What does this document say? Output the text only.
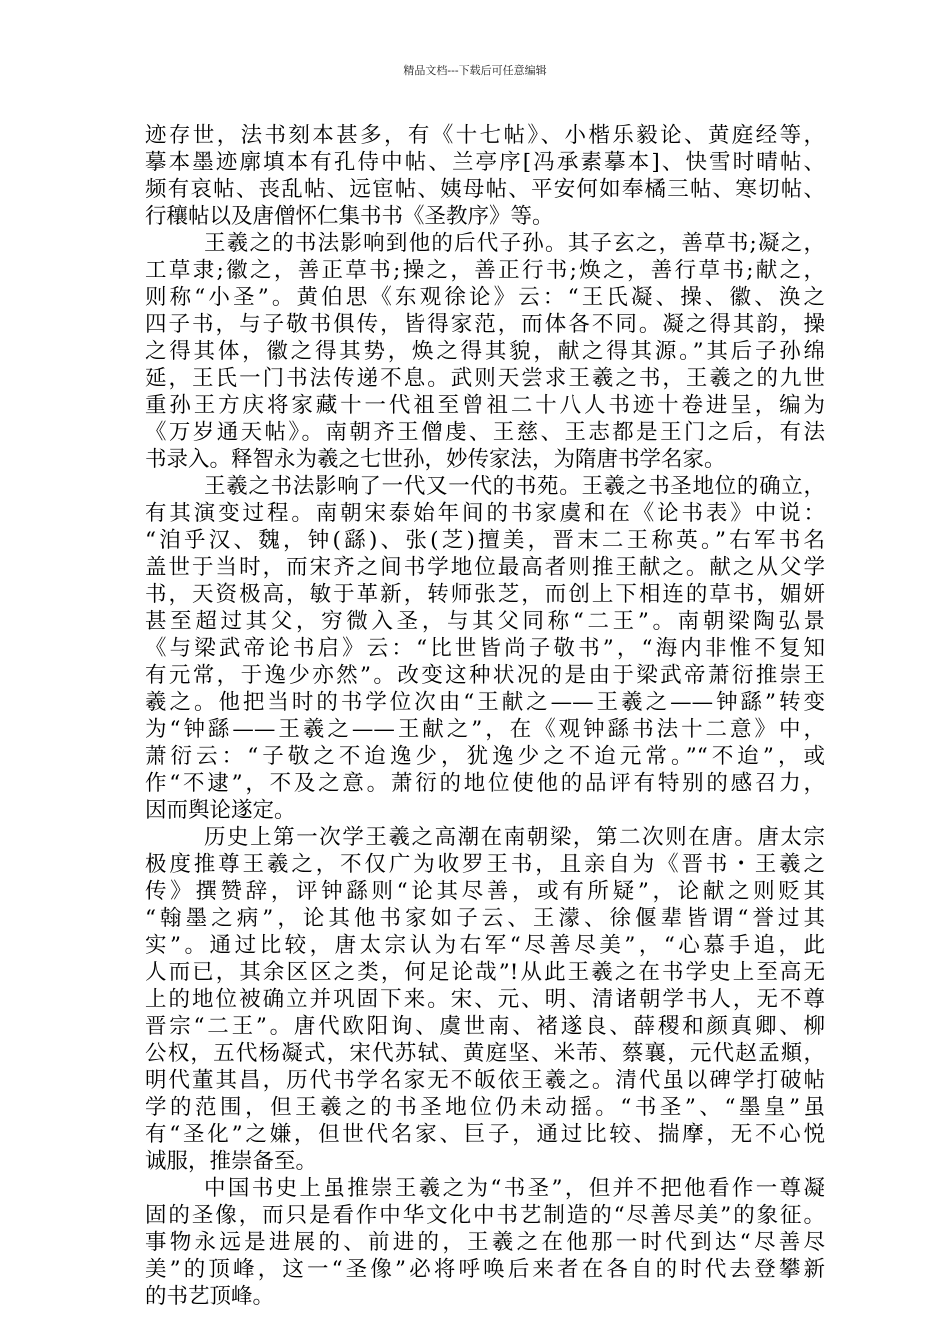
精品文档---下载后可任意编辑

迹存世，法书刻本甚多，有《十七帖》、小楷乐毅论、黄庭经等，
摹本墨迹廓填本有孔侍中帖、兰亭序[冯承素摹本]、快雪时晴帖、
频有哀帖、丧乱帖、远宦帖、姨母帖、平安何如奉橘三帖、寒切帖、
行穰帖以及唐僧怀仁集书书《圣教序》等。

王羲之的书法影响到他的后代子孙。其子玄之，善草书;凝之，
工草隶;徽之，善正草书;操之，善正行书;焕之，善行草书;献之，
则称“小圣”。黄伯思《东观徐论》云：“王氏凝、操、徽、涣之
四子书，与子敬书俱传，皆得家范，而体各不同。凝之得其韵，操
之得其体，徽之得其势，焕之得其貌，献之得其源。”其后子孙绵
延，王氏一门书法传递不息。武则天尝求王羲之书，王羲之的九世
重孙王方庆将家藏十一代祖至曾祖二十八人书迹十卷进呈，编为
《万岁通天帖》。南朝齐王僧虔、王慈、王志都是王门之后，有法
书录入。释智永为羲之七世孙，妙传家法，为隋唐书学名家。

王羲之书法影响了一代又一代的书苑。王羲之书圣地位的确立，
有其演变过程。南朝宋泰始年间的书家虞和在《论书表》中说：
“洎乎汉、魏，钟(繇)、张(芝)擅美，晋末二王称英。”右军书名
盖世于当时，而宋齐之间书学地位最高者则推王献之。献之从父学
书，天资极高，敏于革新，转师张芝，而创上下相连的草书，媚妍
甚至超过其父，穷微入圣，与其父同称“二王”。南朝梁陶弘景
《与梁武帝论书启》云：“比世皆尚子敬书”，“海内非惟不复知
有元常，于逸少亦然”。改变这种状况的是由于梁武帝萧衍推崇王
羲之。他把当时的书学位次由“王献之——王羲之——钟繇”转变
为“钟繇——王羲之——王献之”，在《观钟繇书法十二意》中，
萧衍云：“子敬之不迨逸少，犹逸少之不迨元常。”“不迨”，或
作“不逮”，不及之意。萧衍的地位使他的品评有特别的感召力，
因而舆论遂定。

历史上第一次学王羲之高潮在南朝梁，第二次则在唐。唐太宗
极度推尊王羲之，不仅广为收罗王书，且亲自为《晋书・王羲之
传》撰赞辞，评钟繇则“论其尽善，或有所疑”，论献之则贬其
“翰墨之病”，论其他书家如子云、王濛、徐偃辈皆谓“誉过其
实”。通过比较，唐太宗认为右军“尽善尽美”，“心慕手追，此
人而已，其余区区之类，何足论哉”!从此王羲之在书学史上至高无
上的地位被确立并巩固下来。宋、元、明、清诸朝学书人，无不尊
晋宗“二王”。唐代欧阳询、虞世南、褚遂良、薛稷和颜真卿、柳
公权，五代杨凝式，宋代苏轼、黄庭坚、米芾、蔡襄，元代赵孟頫，
明代董其昌，历代书学名家无不皈依王羲之。清代虽以碑学打破帖
学的范围，但王羲之的书圣地位仍未动摇。“书圣”、“墨皇”虽
有“圣化”之嫌，但世代名家、巨子，通过比较、揣摩，无不心悦
诚服，推崇备至。

中国书史上虽推崇王羲之为“书圣”，但并不把他看作一尊凝
固的圣像，而只是看作中华文化中书艺制造的“尽善尽美”的象征。
事物永远是进展的、前进的，王羲之在他那一时代到达“尽善尽
美”的顶峰，这一“圣像”必将呼唤后来者在各自的时代去登攀新
的书艺顶峰。
